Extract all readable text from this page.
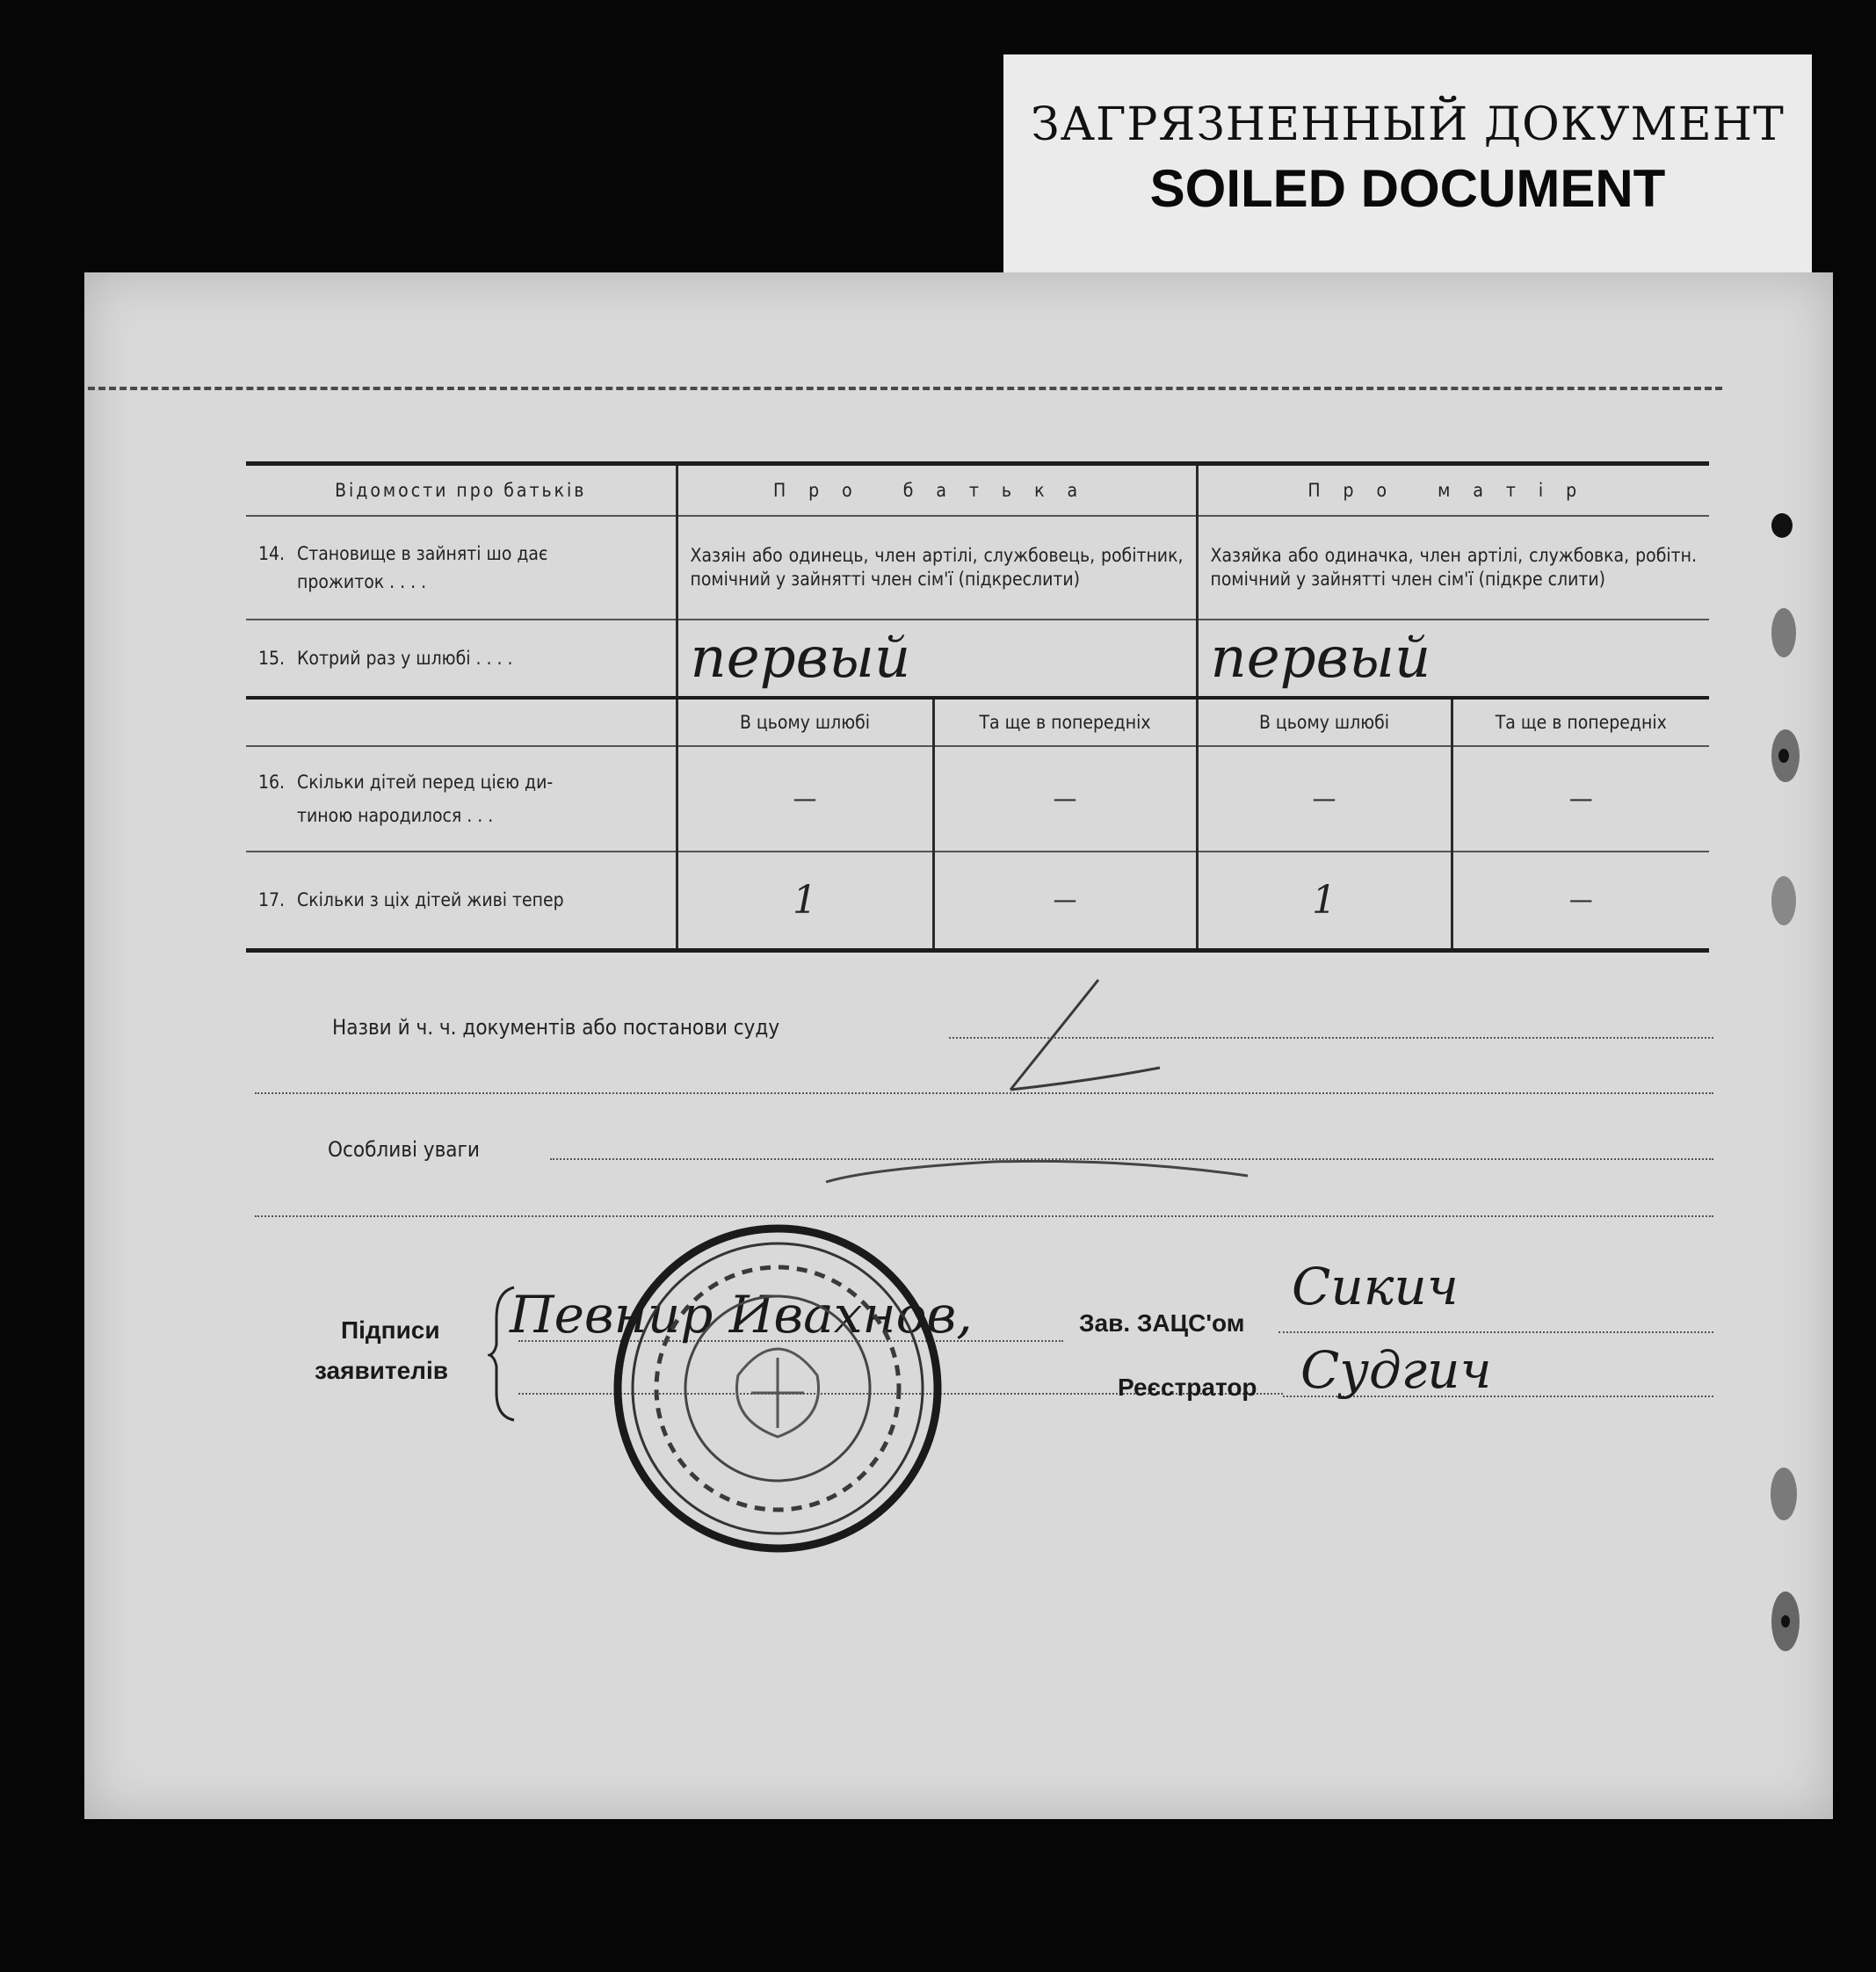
ЗАГРЯЗНЕННЫЙ ДОКУМЕНТ
SOILED DOCUMENT
Відомости про батьків	Про батька		Про матір	

14. Становище в зайняті шо дає
прожиток . . . .	Хазяін або одинець, член артілі, службовець, робітник, помічний у зайнятті член сім'ї (підкреслити)		Хазяйка або одиначка, член артілі, службовка, робітн. помічний у зайнятті член сім'ї (підкре слити)	
15. Котрий раз у шлюбі . . . .	первый		первый	
	В цьому шлюбі	Та ще в попередніх	В цьому шлюбі	Та ще в попередніх

16. Скільки дітей перед цією ди-
тиною народилося . . .	—	—	—	—
17. Скільки з ціх дітей живі тепер	1	—	1	—
Назви й ч. ч. документів або постанови суду
Особливі уваги
Підписи
заявителів
Певнир Ивахнов,	Зав. ЗАЦС'ом
Сикич
Реєстратор Судгич
